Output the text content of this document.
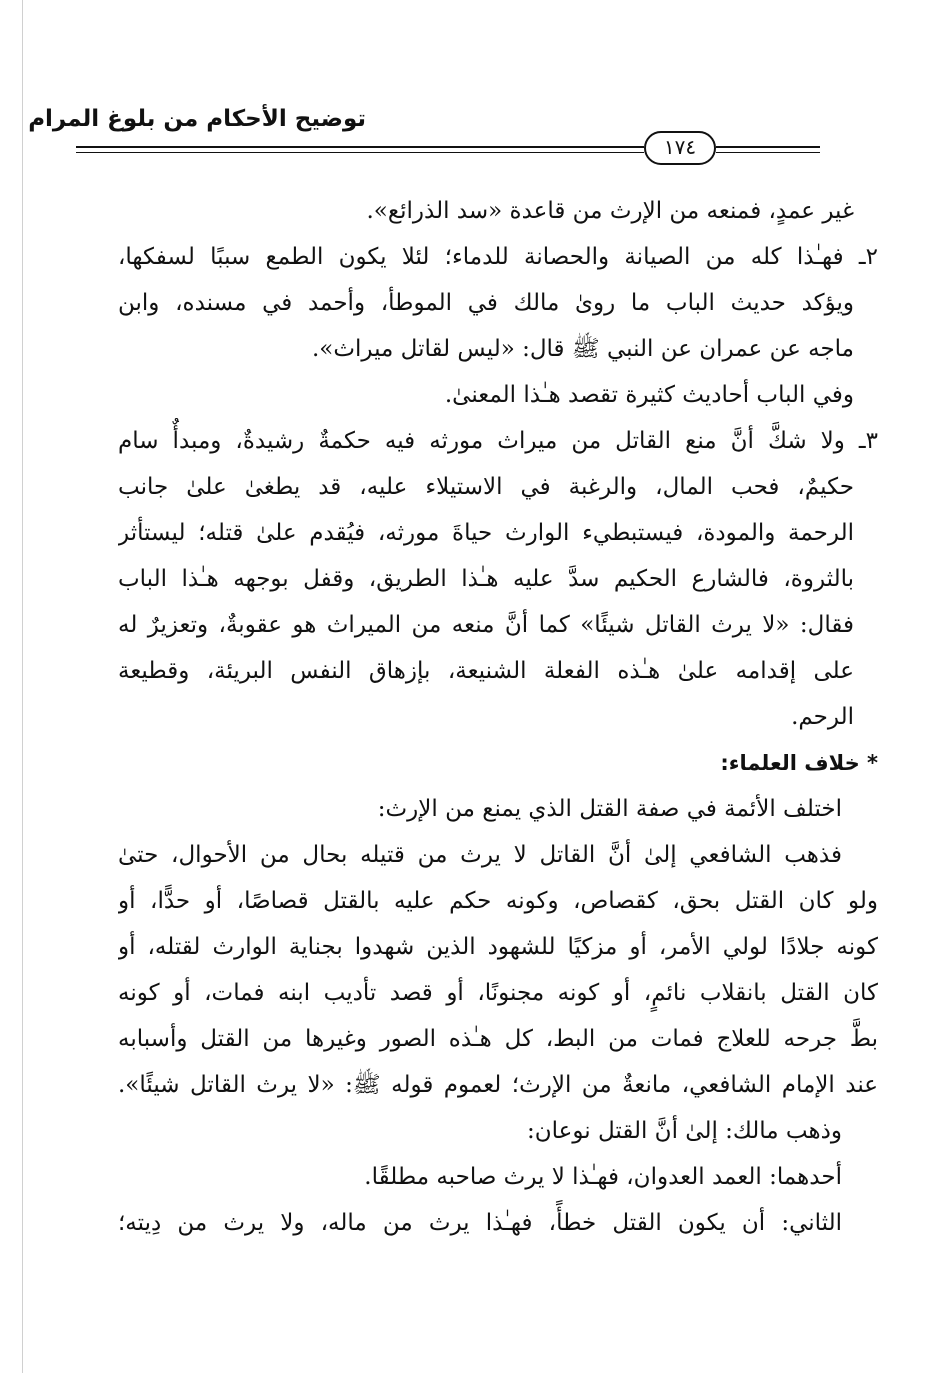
توضيح الأحكام من بلوغ المرام
١٧٤
غير عمدٍ، فمنعه من الإرث من قاعدة «سد الذرائع».
٢ـ فهـٰذا كله من الصيانة والحصانة للدماء؛ لئلا يكون الطمع سببًا لسفكها،
ويؤكد حديث الباب ما روىٰ مالك في الموطأ، وأحمد في مسنده، وابن
ماجه عن عمران عن النبي ﷺ قال: «ليس لقاتل ميراث».
وفي الباب أحاديث كثيرة تقصد هـٰذا المعنىٰ.
٣ـ ولا شكَّ أنَّ منع القاتل من ميراث مورثه فيه حكمةٌ رشيدةٌ، ومبدأٌ سام
حكيمٌ، فحب المال، والرغبة في الاستيلاء عليه، قد يطغىٰ علىٰ جانب
الرحمة والمودة، فيستبطيء الوارث حياةَ مورثه، فيُقدم علىٰ قتله؛ ليستأثر
بالثروة، فالشارع الحكيم سدَّ عليه هـٰذا الطريق، وقفل بوجهه هـٰذا الباب
فقال: «لا يرث القاتل شيئًا» كما أنَّ منعه من الميراث هو عقوبةٌ، وتعزيرٌ له
على إقدامه علىٰ هـٰذه الفعلة الشنيعة، بإزهاق النفس البريئة، وقطيعة
الرحم.
* خلاف العلماء:
اختلف الأئمة في صفة القتل الذي يمنع من الإرث:
فذهب الشافعي إلىٰ أنَّ القاتل لا يرث من قتيله بحال من الأحوال، حتىٰ
ولو كان القتل بحق، كقصاص، وكونه حكم عليه بالقتل قصاصًا، أو حدًّا، أو
كونه جلادًا لولي الأمر، أو مزكيًا للشهود الذين شهدوا بجناية الوارث لقتله، أو
كان القتل بانقلاب نائمٍ، أو كونه مجنونًا، أو قصد تأديب ابنه فمات، أو كونه
بطَّ جرحه للعلاج فمات من البط، كل هـٰذه الصور وغيرها من القتل وأسبابه
عند الإمام الشافعي، مانعةٌ من الإرث؛ لعموم قوله ﷺ: «لا يرث القاتل شيئًا».
وذهب مالك: إلىٰ أنَّ القتل نوعان:
أحدهما: العمد العدوان، فهـٰذا لا يرث صاحبه مطلقًا.
الثاني: أن يكون القتل خطأً، فهـٰذا يرث من ماله، ولا يرث من دِيته؛
